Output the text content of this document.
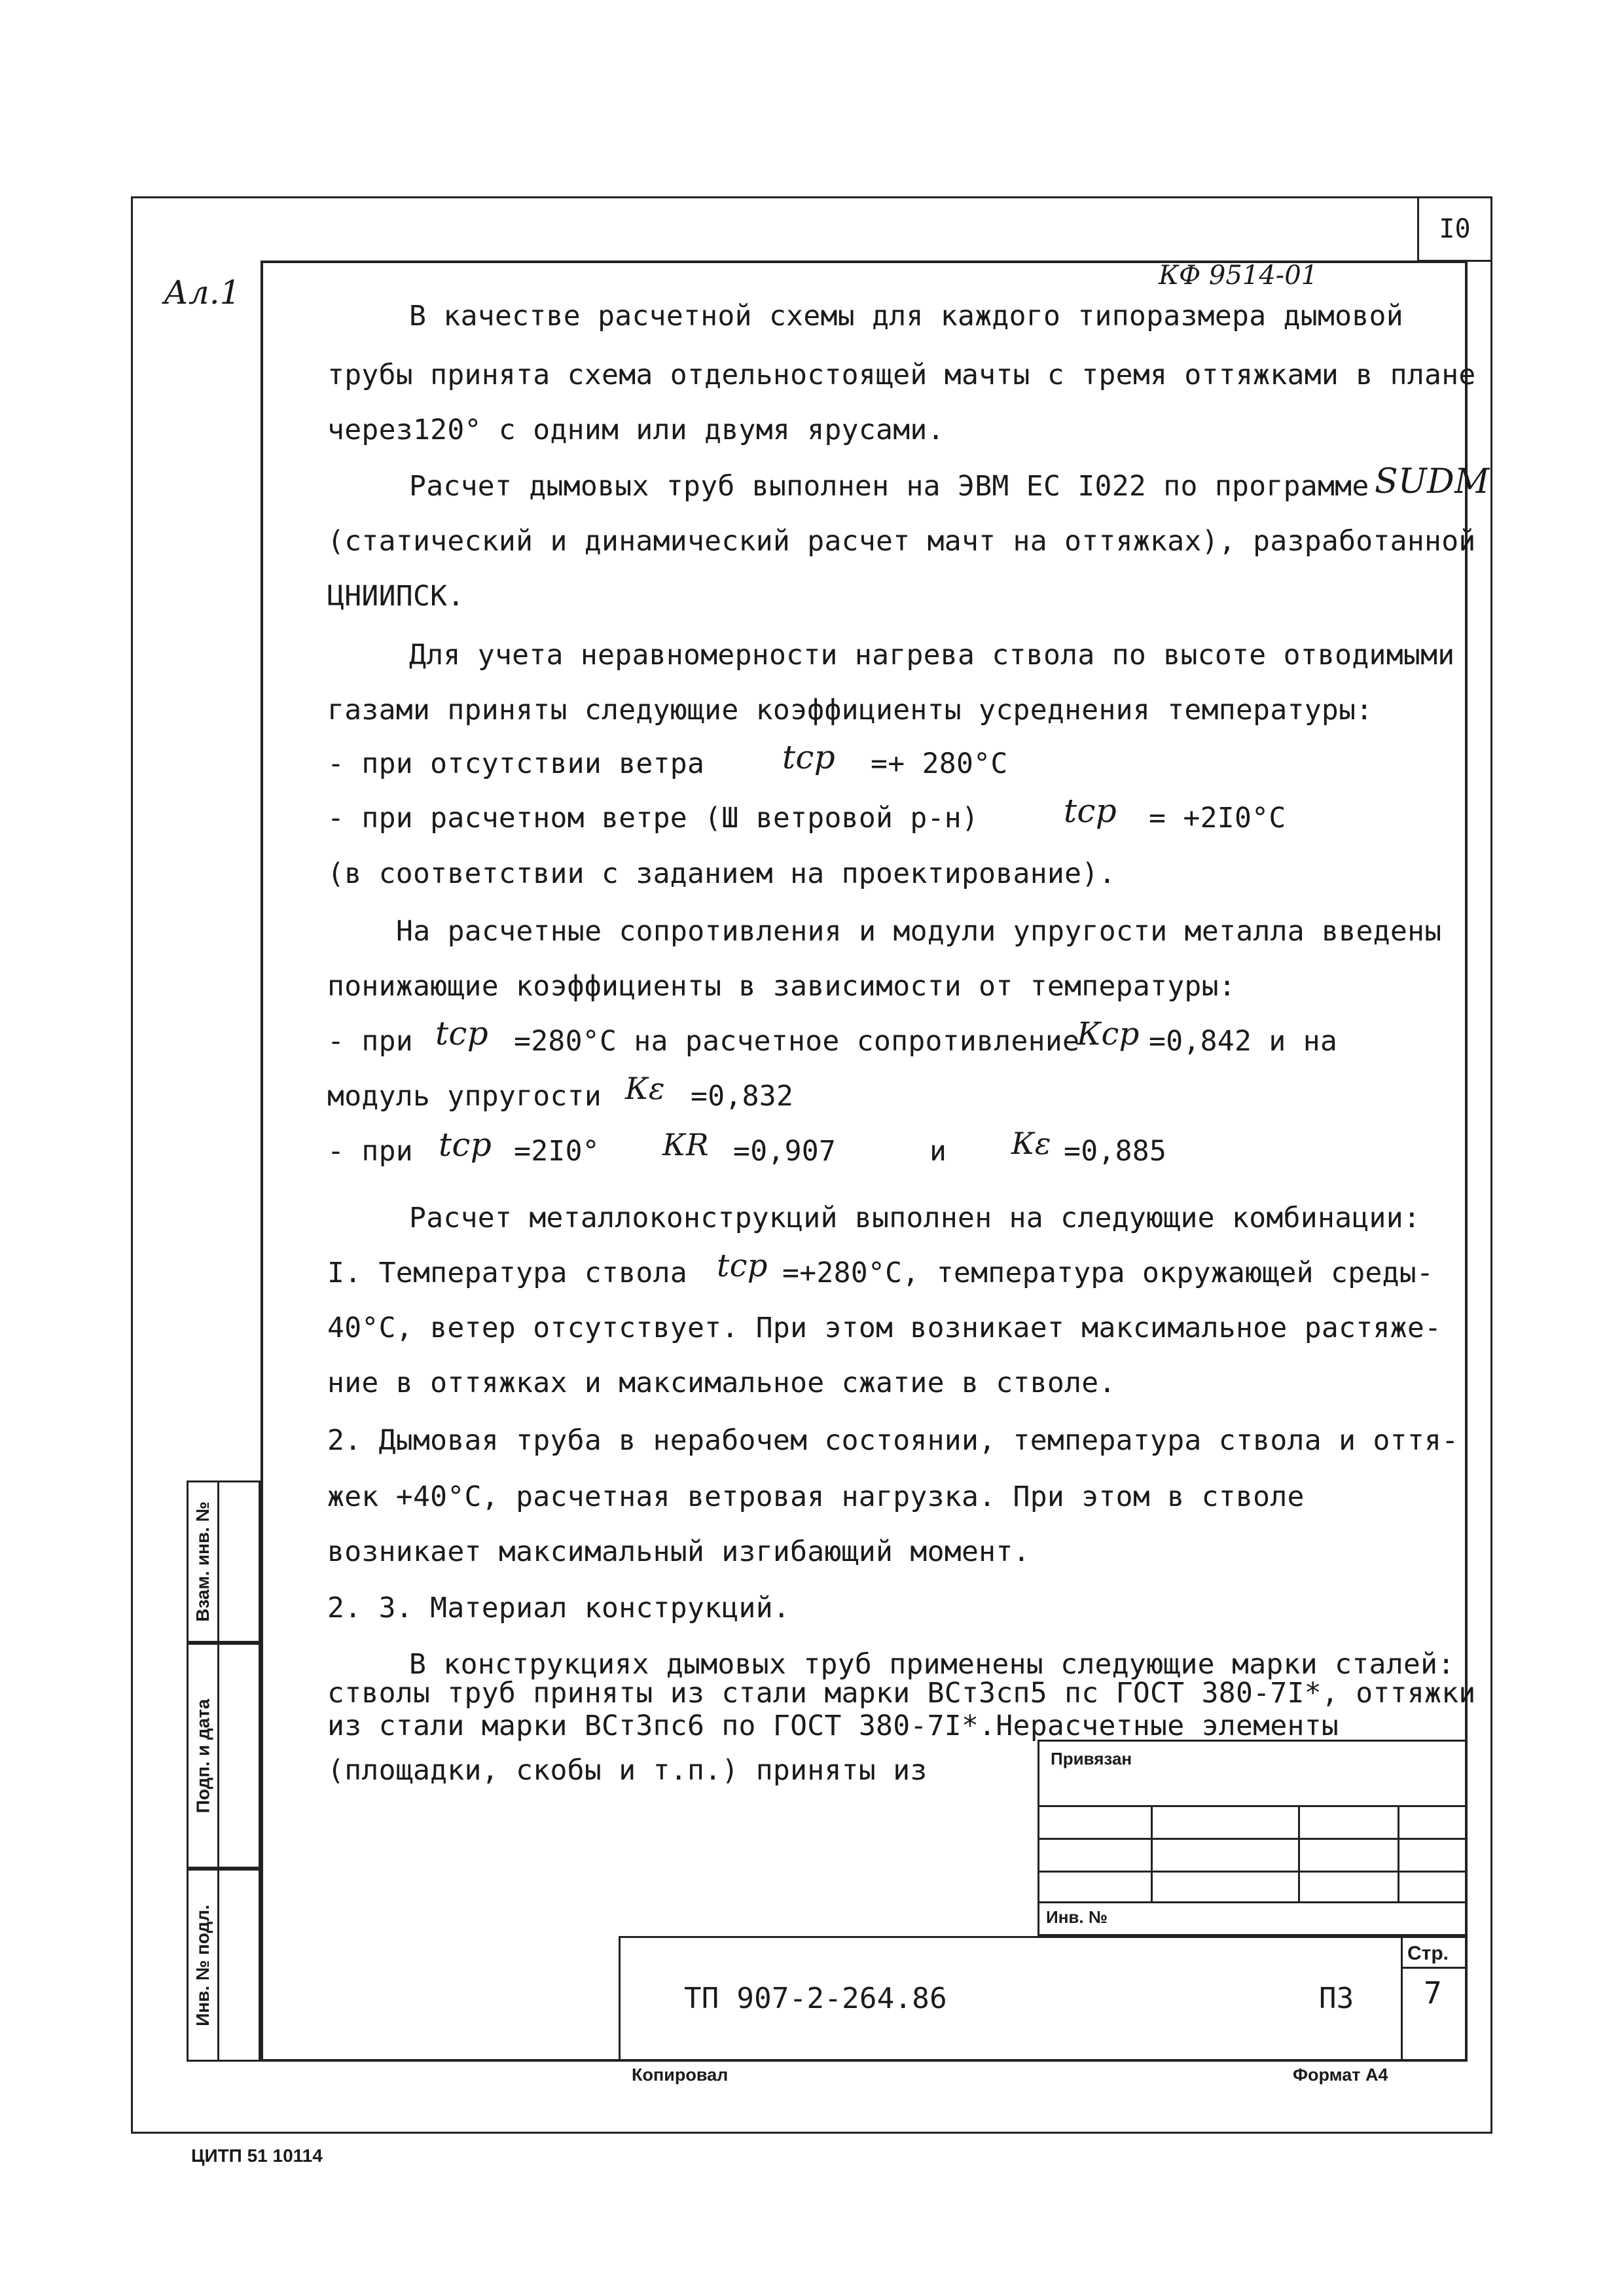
I0
Ал.1	КФ 9514-01
В качестве расчетной схемы для каждого типоразмера дымовой
трубы принята схема отдельностоящей мачты с тремя оттяжками в плане
через120° с одним или двумя ярусами.
Расчет дымовых труб выполнен на ЭВМ ЕС I022 по программе SUDM
(статический и динамический расчет мачт на оттяжках), разработанной
ЦНИИПСК.
Для учета неравномерности нагрева ствола по высоте отводимыми
газами приняты следующие коэффициенты усреднения температуры:
- при отсутствии ветра tср =+ 280°С
- при расчетном ветре (Ш ветровой р-н)	tср = +2I0°С
(в соответствии с заданием на проектирование).
На расчетные сопротивления и модули упругости металла введены
понижающие коэффициенты в зависимости от температуры:
- при tср =280°С на расчетное сопротивление
Кср =0,842 и на
модуль упругости Кε =0,832
- при tср =2I0° КR =0,907	и Кε =0,885
Расчет металлоконструкций выполнен на следующие комбинации:
I. Температура ствола tср =+280°С, температура окружающей среды-
40°С, ветер отсутствует. При этом возникает максимальное растяже-
ние в оттяжках и максимальное сжатие в стволе.
2. Дымовая труба в нерабочем состоянии, температура ствола и оття-
жек +40°С, расчетная ветровая нагрузка. При этом в стволе
возникает максимальный изгибающий момент.
2. 3. Материал конструкций.
В конструкциях дымовых труб применены следующие марки сталей:
стволы труб приняты из стали марки ВСт3сп5 пс ГОСТ 380-7I*, оттяжки
из стали марки ВСт3пс6 по ГОСТ 380-7I*.Нерасчетные элементы
(площадки, скобы и т.п.) приняты из
Взам. инв. №
Подп. и дата
Инв. № подл.
Привязан
Инв. №
ТП 907-2-264.86	ПЗ
Стр.
7
Копировал	Формат А4
ЦИТП 51 10114
